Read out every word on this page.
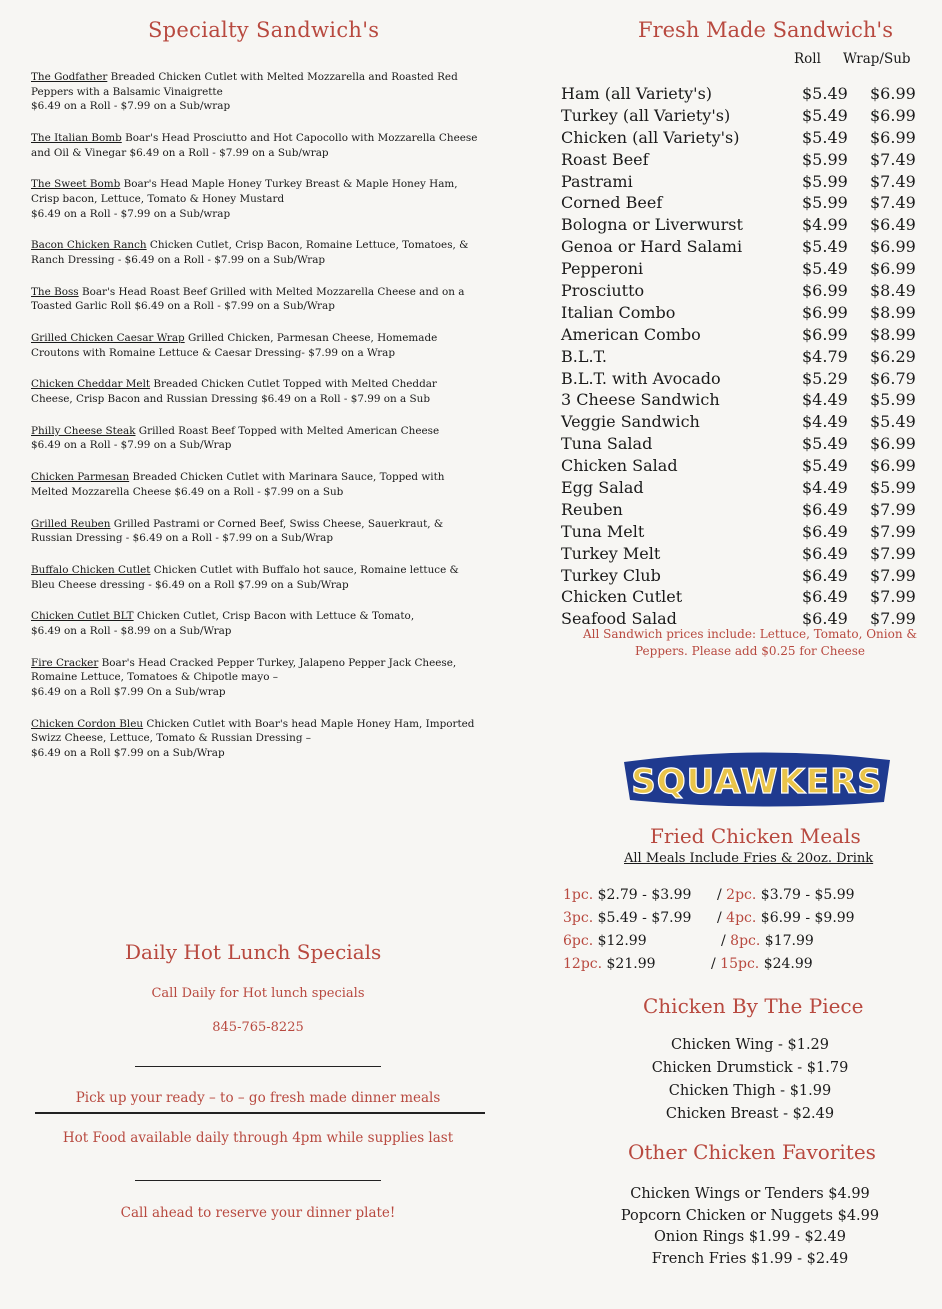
Specialty Sandwich's
The Godfather Breaded Chicken Cutlet with Melted Mozzarella and Roasted Red Peppers with a Balsamic Vinaigrette
$6.49 on a Roll - $7.99 on a Sub/wrap
The Italian Bomb Boar's Head Prosciutto and Hot Capocollo with Mozzarella Cheese and Oil & Vinegar $6.49 on a Roll - $7.99 on a Sub/wrap
The Sweet Bomb Boar's Head Maple Honey Turkey Breast & Maple Honey Ham, Crisp bacon, Lettuce, Tomato & Honey Mustard
$6.49 on a Roll - $7.99 on a Sub/wrap
Bacon Chicken Ranch Chicken Cutlet, Crisp Bacon, Romaine Lettuce, Tomatoes, & Ranch Dressing - $6.49 on a Roll - $7.99 on a Sub/Wrap
The Boss Boar's Head Roast Beef Grilled with Melted Mozzarella Cheese and on a Toasted Garlic Roll $6.49 on a Roll - $7.99 on a Sub/Wrap
Grilled Chicken Caesar Wrap Grilled Chicken, Parmesan Cheese, Homemade Croutons with Romaine Lettuce & Caesar Dressing- $7.99 on a Wrap
Chicken Cheddar Melt Breaded Chicken Cutlet Topped with Melted Cheddar Cheese, Crisp Bacon and Russian Dressing $6.49 on a Roll - $7.99 on a Sub
Philly Cheese Steak Grilled Roast Beef Topped with Melted American Cheese
$6.49 on a Roll - $7.99 on a Sub/Wrap
Chicken Parmesan Breaded Chicken Cutlet with Marinara Sauce, Topped with Melted Mozzarella Cheese $6.49 on a Roll - $7.99 on a Sub
Grilled Reuben Grilled Pastrami or Corned Beef, Swiss Cheese, Sauerkraut, & Russian Dressing - $6.49 on a Roll - $7.99 on a Sub/Wrap
Buffalo Chicken Cutlet Chicken Cutlet with Buffalo hot sauce, Romaine lettuce & Bleu Cheese dressing - $6.49 on a Roll $7.99 on a Sub/Wrap
Chicken Cutlet BLT Chicken Cutlet, Crisp Bacon with Lettuce & Tomato,
$6.49 on a Roll - $8.99 on a Sub/Wrap
Fire Cracker Boar's Head Cracked Pepper Turkey, Jalapeno Pepper Jack Cheese, Romaine Lettuce, Tomatoes & Chipotle mayo –
$6.49 on a Roll $7.99 On a Sub/wrap
Chicken Cordon Bleu Chicken Cutlet with Boar's head Maple Honey Ham, Imported Swizz Cheese, Lettuce, Tomato & Russian Dressing –
$6.49 on a Roll $7.99 on a Sub/Wrap
Daily Hot Lunch Specials
Call Daily for Hot lunch specials
845-765-8225
Pick up your ready – to – go fresh made dinner meals
Hot Food available daily through 4pm while supplies last
Call ahead to reserve your dinner plate!
Fresh Made Sandwich's
Roll Wrap/Sub
Ham (all Variety's)	$5.49 $6.99
Turkey (all Variety's)	$5.49 $6.99
Chicken (all Variety's)	$5.49 $6.99
Roast Beef	$5.99 $7.49
Pastrami	$5.99 $7.49
Corned Beef	$5.99 $7.49
Bologna or Liverwurst	$4.99 $6.49
Genoa or Hard Salami	$5.49 $6.99
Pepperoni	$5.49 $6.99
Prosciutto	$6.99 $8.49
Italian Combo	$6.99 $8.99
American Combo	$6.99 $8.99
B.L.T.	$4.79 $6.29
B.L.T. with Avocado	$5.29 $6.79
3 Cheese Sandwich	$4.49 $5.99
Veggie Sandwich	$4.49 $5.49
Tuna Salad	$5.49 $6.99
Chicken Salad	$5.49 $6.99
Egg Salad	$4.49 $5.99
Reuben	$6.49 $7.99
Tuna Melt	$6.49 $7.99
Turkey Melt	$6.49 $7.99
Turkey Club	$6.49 $7.99
Chicken Cutlet	$6.49 $7.99
Seafood Salad	$6.49 $7.99
All Sandwich prices include: Lettuce, Tomato, Onion & Peppers. Please add $0.25 for Cheese
SQUAWKERS
Fried Chicken Meals
All Meals Include Fries & 20oz. Drink
1pc. $2.79 - $3.99 / 2pc. $3.79 - $5.99
3pc. $5.49 - $7.99 / 4pc. $6.99 - $9.99
6pc. $12.99	/ 8pc. $17.99
12pc. $21.99	/ 15pc. $24.99
Chicken By The Piece
Chicken Wing - $1.29
Chicken Drumstick - $1.79
Chicken Thigh - $1.99
Chicken Breast - $2.49
Other Chicken Favorites
Chicken Wings or Tenders $4.99
Popcorn Chicken or Nuggets $4.99
Onion Rings $1.99 - $2.49
French Fries $1.99 - $2.49
